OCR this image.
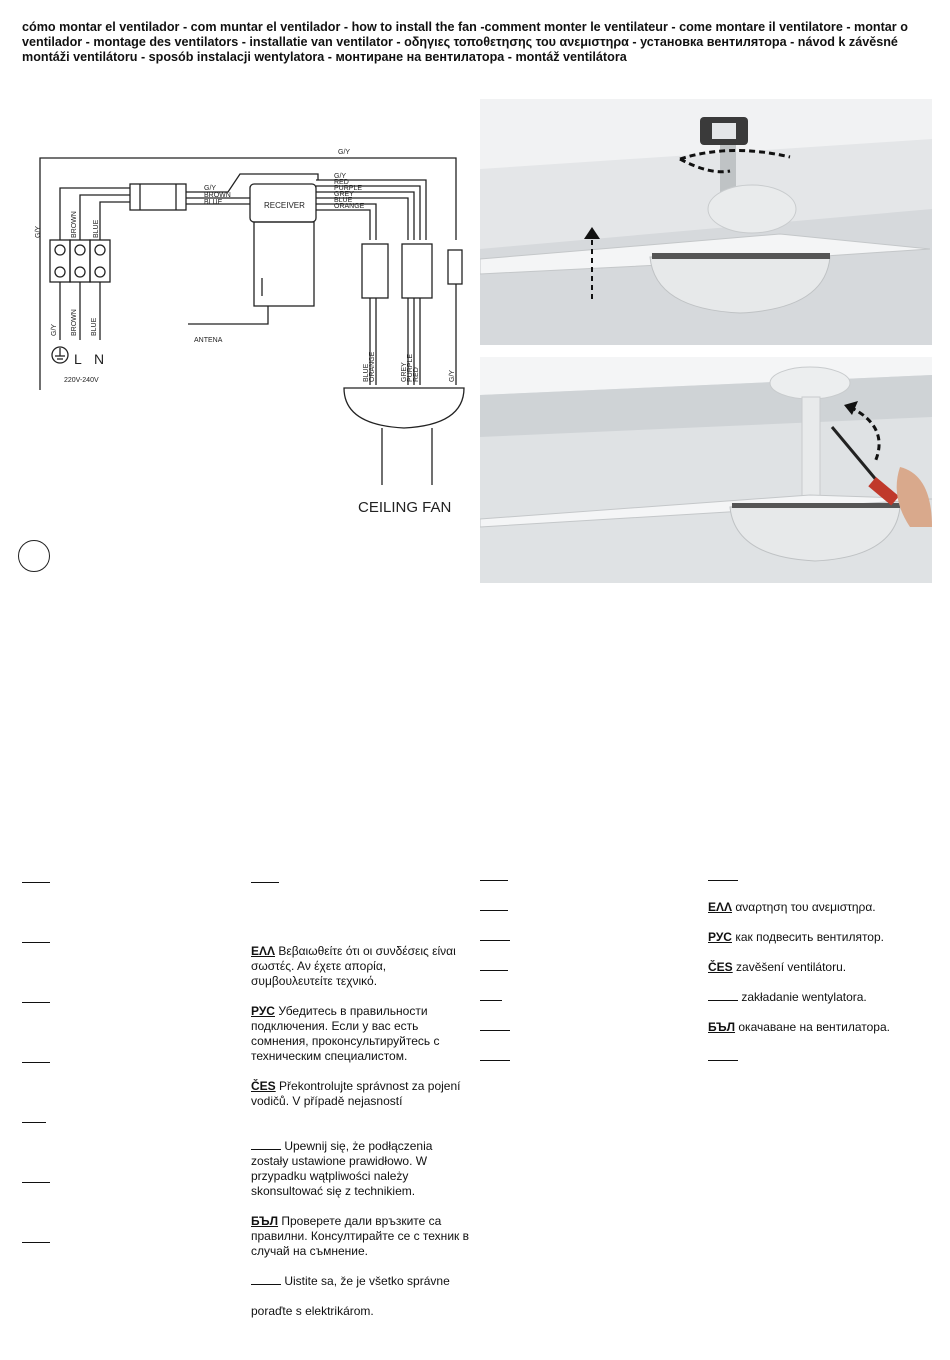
cómo montar el ventilador - com muntar el ventilador - how to install the fan -comment monter le ventilateur - come montare il ventilatore - montar o ventilador - montage des ventilators - installatie van ventilator - οδηγιες τοποθετησης του ανεμιστηρα - установка вентилятора - návod k závěsné montáži ventilátoru - sposób instalacji wentylatora - монтиране на вентилатора - montáž ventilátora
G/Y
G/Y
BROWN
BLUE	RECEIVER
G/Y
RED
PURPLE
GREY
BLUE
ORANGE
G/Y	BROWN BLUE
G/Y BROWN BLUE
ANTENA
220V-240V	BLUE ORANGE	GREY PURPLE RED	G/Y
L N
CEILING FAN

ΕΛΛ Βεβαιωθείτε ότι οι συνδέσεις είναι σωστές. Αν έχετε απορία, συμβουλευτείτε τεχνικό.

РУС Убедитесь в правильности подключения. Если у вас есть сомнения, проконсультируйтесь с техническим специалистом.

ČES Překontrolujte správnost za pojení vodičů. V případě nejasností

Upewnij się, że podłączenia zostały ustawione prawidłowo. W przypadku wątpliwości należy skonsultować się z technikiem.

БЪЛ Проверете дали връзките са правилни. Консултирайте се с техник в случай на съмнение.

Uistite sa, že je všetko správne

poraďte s elektrikárom.

ΕΛΛ αναρτηση του ανεμιστηρα.

РУС как подвесить вентилятор.

ČES zavěšení ventilátoru.

zakładanie wentylatora.

БЪЛ окачаване на вентилатора.
